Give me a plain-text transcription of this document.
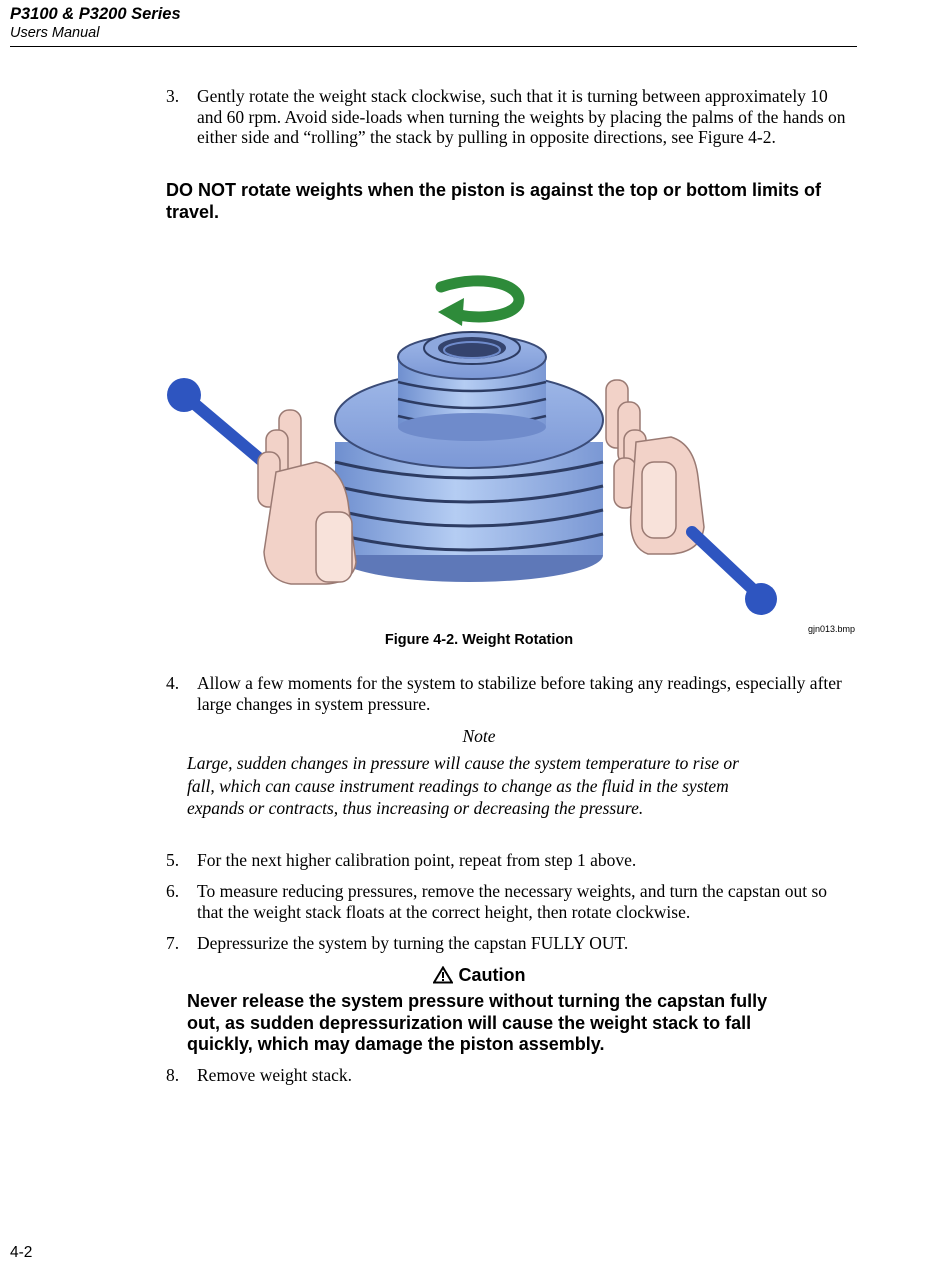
P3100 & P3200 Series
Users Manual
3. Gently rotate the weight stack clockwise, such that it is turning between approximately 10 and 60 rpm. Avoid side-loads when turning the weights by placing the palms of the hands on either side and “rolling” the stack by pulling in opposite directions, see Figure 4-2.
DO NOT rotate weights when the piston is against the top or bottom limits of travel.
gjn013.bmp
Figure 4-2. Weight Rotation
4. Allow a few moments for the system to stabilize before taking any readings, especially after large changes in system pressure.
Note
Large, sudden changes in pressure will cause the system temperature to rise or fall, which can cause instrument readings to change as the fluid in the system expands or contracts, thus increasing or decreasing the pressure.
5. For the next higher calibration point, repeat from step 1 above.
6. To measure reducing pressures, remove the necessary weights, and turn the capstan out so that the weight stack floats at the correct height, then rotate clockwise.
7. Depressurize the system by turning the capstan FULLY OUT.
Caution
Never release the system pressure without turning the capstan fully out, as sudden depressurization will cause the weight stack to fall quickly, which may damage the piston assembly.
8. Remove weight stack.
4-2
